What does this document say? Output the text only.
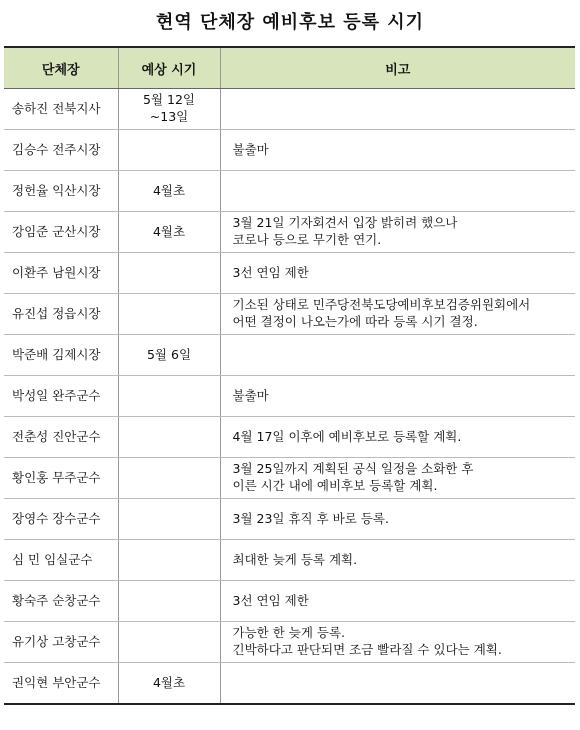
현역 단체장 예비후보 등록 시기
단체장	예상 시기	비고
송하진 전북지사	5월 12일
~13일	

김승수 전주시장		불출마

정헌율 익산시장	4월초	

강임준 군산시장	4월초	3월 21일 기자회견서 입장 밝히려 했으나
코로나 등으로 무기한 연기.

이환주 남원시장		3선 연임 제한

유진섭 정읍시장		기소된 상태로 민주당전북도당예비후보검증위원회에서
어떤 결정이 나오는가에 따라 등록 시기 결정.

박준배 김제시장	5월 6일	

박성일 완주군수		불출마

전춘성 진안군수		4월 17일 이후에 예비후보로 등록할 계획.

황인홍 무주군수		3월 25일까지 계획된 공식 일정을 소화한 후
이른 시간 내에 예비후보 등록할 계획.

장영수 장수군수		3월 23일 휴직 후 바로 등록.

심 민 임실군수		최대한 늦게 등록 계획.

황숙주 순창군수		3선 연임 제한

유기상 고창군수		가능한 한 늦게 등록.
긴박하다고 판단되면 조금 빨라질 수 있다는 계획.

권익현 부안군수	4월초	
